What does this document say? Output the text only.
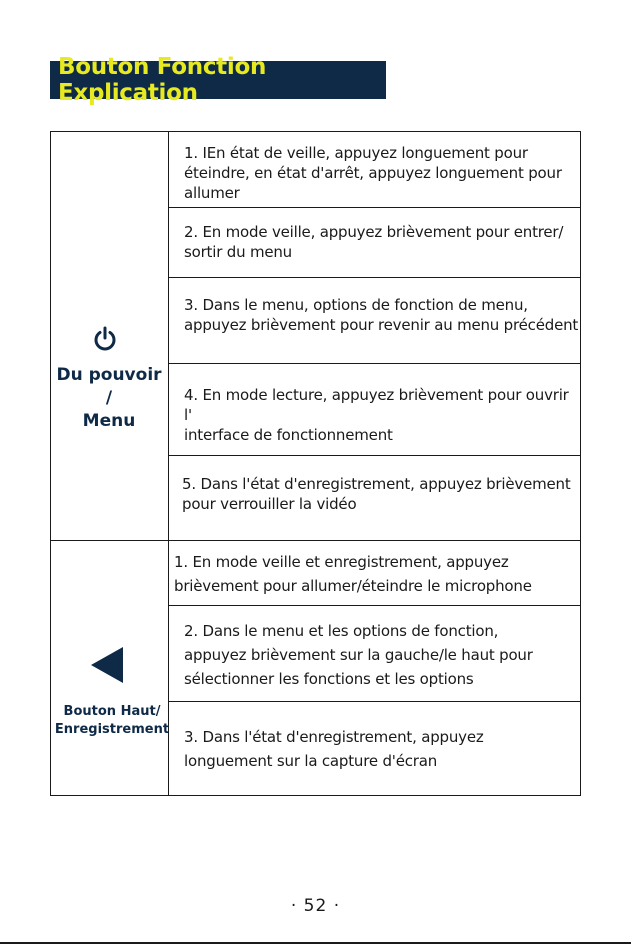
Bouton Fonction Explication
Du pouvoir
/
Menu
Bouton Haut/
Enregistrement
1. IEn état de veille, appuyez longuement pour
éteindre, en état d'arrêt, appuyez longuement pour
allumer
2. En mode veille, appuyez brièvement pour entrer/
sortir du menu
3. Dans le menu, options de fonction de menu,
appuyez brièvement pour revenir au menu précédent
4. En mode lecture, appuyez brièvement pour ouvrir l'
interface de fonctionnement
5. Dans l'état d'enregistrement, appuyez brièvement
pour verrouiller la vidéo
1. En mode veille et enregistrement, appuyez
brièvement pour allumer/éteindre le microphone
2. Dans le menu et les options de fonction,
appuyez brièvement sur la gauche/le haut pour
sélectionner les fonctions et les options
3. Dans l'état d'enregistrement, appuyez
longuement sur la capture d'écran
· 52 ·
